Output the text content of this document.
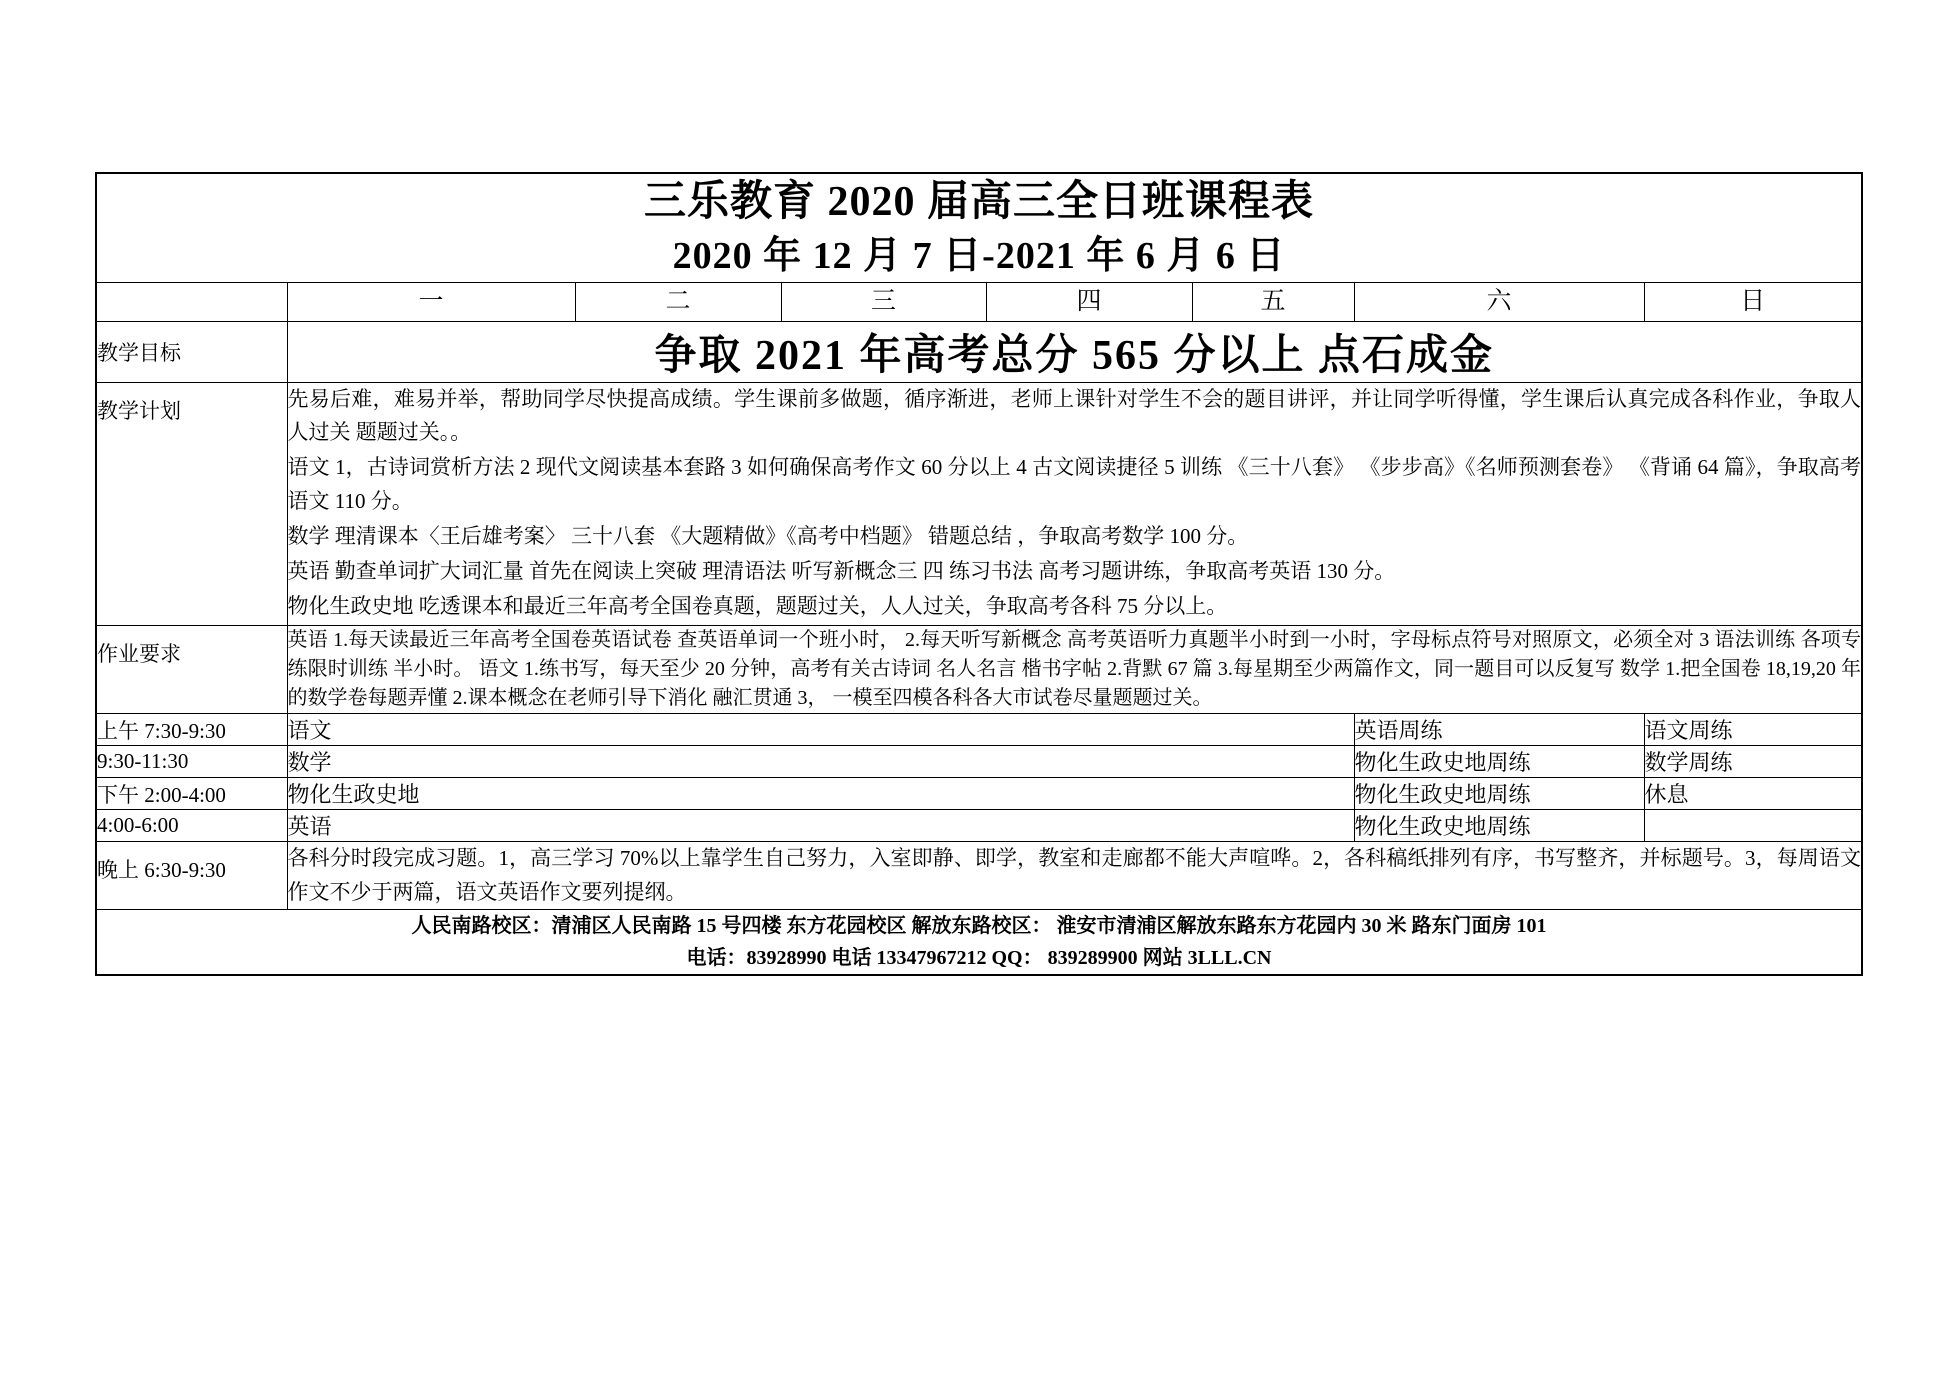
三乐教育 2020 届高三全日班课程表
2020 年 12 月 7 日-2021 年 6 月 6 日							

	一	二	三	四	五	六	日
教学目标	争取 2021 年高考总分 565 分以上 点石成金						
教学计划	先易后难，难易并举，帮助同学尽快提高成绩。学生课前多做题，循序渐进，老师上课针对学生不会的题目讲评，并让同学听得懂，学生课后认真完成各科作业，争取人人过关 题题过关。。

语文 1，古诗词赏析方法 2 现代文阅读基本套路 3 如何确保高考作文 60 分以上 4 古文阅读捷径 5 训练 《三十八套》 《步步高》《名师预测套卷》 《背诵 64 篇》，争取高考语文 110 分。

数学 理清课本〈王后雄考案〉 三十八套 《大题精做》《高考中档题》 错题总结 ，争取高考数学 100 分。

英语 勤查单词扩大词汇量 首先在阅读上突破 理清语法 听写新概念三 四 练习书法 高考习题讲练，争取高考英语 130 分。

物化生政史地 吃透课本和最近三年高考全国卷真题，题题过关，人人过关，争取高考各科 75 分以上。						

作业要求	英语 1.每天读最近三年高考全国卷英语试卷 查英语单词一个班小时， 2.每天听写新概念 高考英语听力真题半小时到一小时，字母标点符号对照原文，必须全对 3 语法训练 各项专练限时训练 半小时。 语文 1.练书写，每天至少 20 分钟，高考有关古诗词 名人名言 楷书字帖 2.背默 67 篇 3.每星期至少两篇作文，同一题目可以反复写 数学 1.把全国卷 18,19,20 年的数学卷每题弄懂 2.课本概念在老师引导下消化 融汇贯通 3， 一模至四模各科各大市试卷尽量题题过关。						

上午 7:30-9:30	语文					英语周练	语文周练
9:30-11:30	数学					物化生政史地周练	数学周练
下午 2:00-4:00	物化生政史地					物化生政史地周练	休息
4:00-6:00	英语					物化生政史地周练	
晚上 6:30-9:30	各科分时段完成习题。1，高三学习 70%以上靠学生自己努力，入室即静、即学，教室和走廊都不能大声喧哗。2，各科稿纸排列有序，书写整齐，并标题号。3，每周语文作文不少于两篇，语文英语作文要列提纲。						

人民南路校区：清浦区人民南路 15 号四楼 东方花园校区 解放东路校区： 淮安市清浦区解放东路东方花园内 30 米 路东门面房 101
电话：83928990 电话 13347967212 QQ： 839289900 网站 3LLL.CN							
